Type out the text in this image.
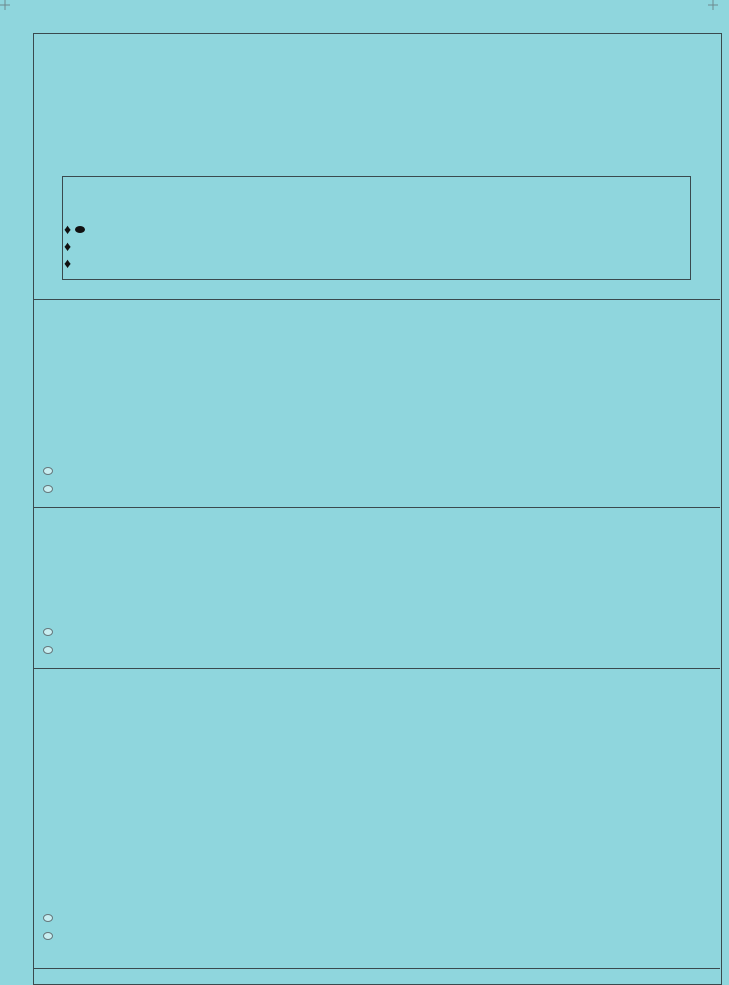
♦
♦
♦
